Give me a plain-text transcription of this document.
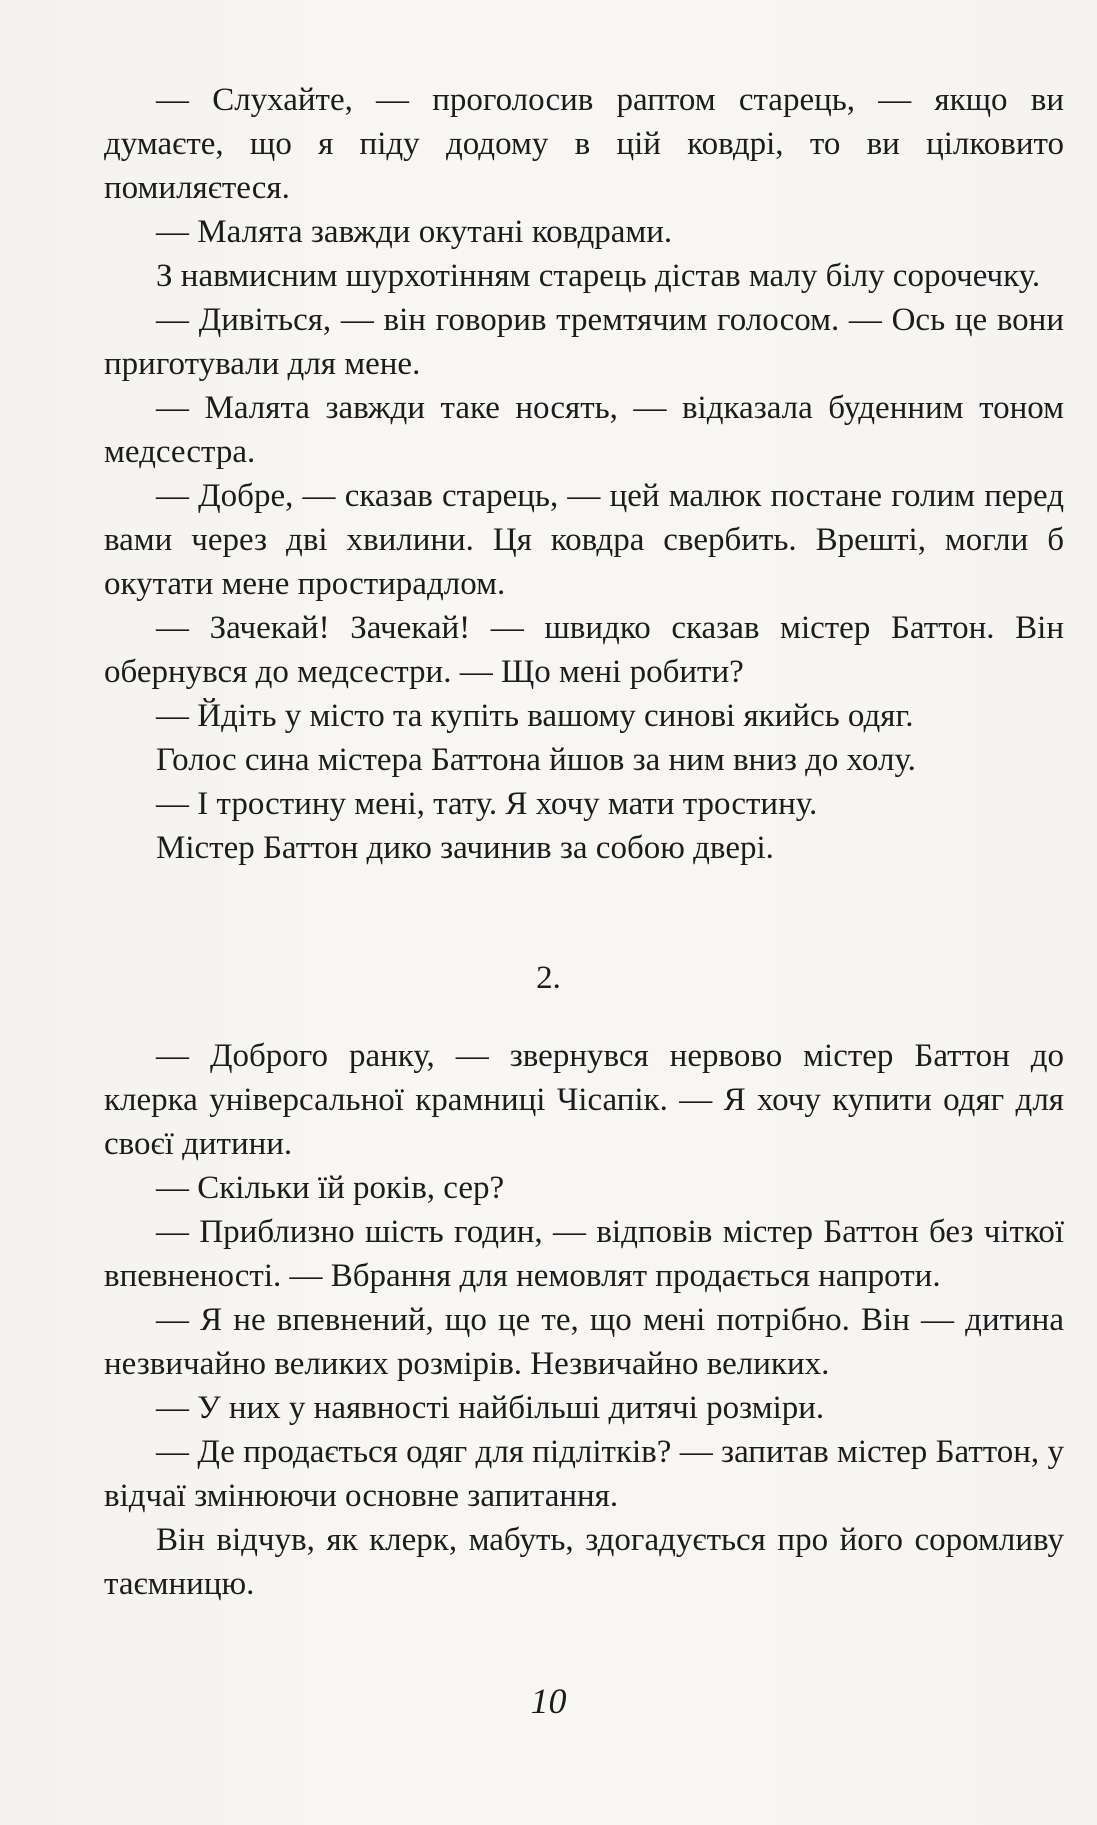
— Слухайте, — проголосив раптом старець, — якщо ви думаєте, що я піду додому в цій ковдрі, то ви цілковито помиляєтеся.

— Малята завжди окутані ковдрами.

З навмисним шурхотінням старець дістав малу білу сорочечку.

— Дивіться, — він говорив тремтячим голосом. — Ось це вони приготували для мене.

— Малята завжди таке носять, — відказала буденним тоном медсестра.

— Добре, — сказав старець, — цей малюк постане голим перед вами через дві хвилини. Ця ковдра свербить. Врешті, могли б окутати мене простирадлом.

— Зачекай! Зачекай! — швидко сказав містер Баттон. Він обернувся до медсестри. — Що мені робити?

— Йдіть у місто та купіть вашому синові якийсь одяг.

Голос сина містера Баттона йшов за ним вниз до холу.

— І тростину мені, тату. Я хочу мати тростину.

Містер Баттон дико зачинив за собою двері.

2.

— Доброго ранку, — звернувся нервово містер Баттон до клерка універсальної крамниці Чісапік. — Я хочу купити одяг для своєї дитини.

— Скільки їй років, сер?

— Приблизно шість годин, — відповів містер Баттон без чіткої впевненості. — Вбрання для немовлят продається напроти.

— Я не впевнений, що це те, що мені потрібно. Він — дитина незвичайно великих розмірів. Незвичайно великих.

— У них у наявності найбільші дитячі розміри.

— Де продається одяг для підлітків? — запитав містер Баттон, у відчаї змінюючи основне запитання.

Він відчув, як клерк, мабуть, здогадується про його соромливу таємницю.

10
